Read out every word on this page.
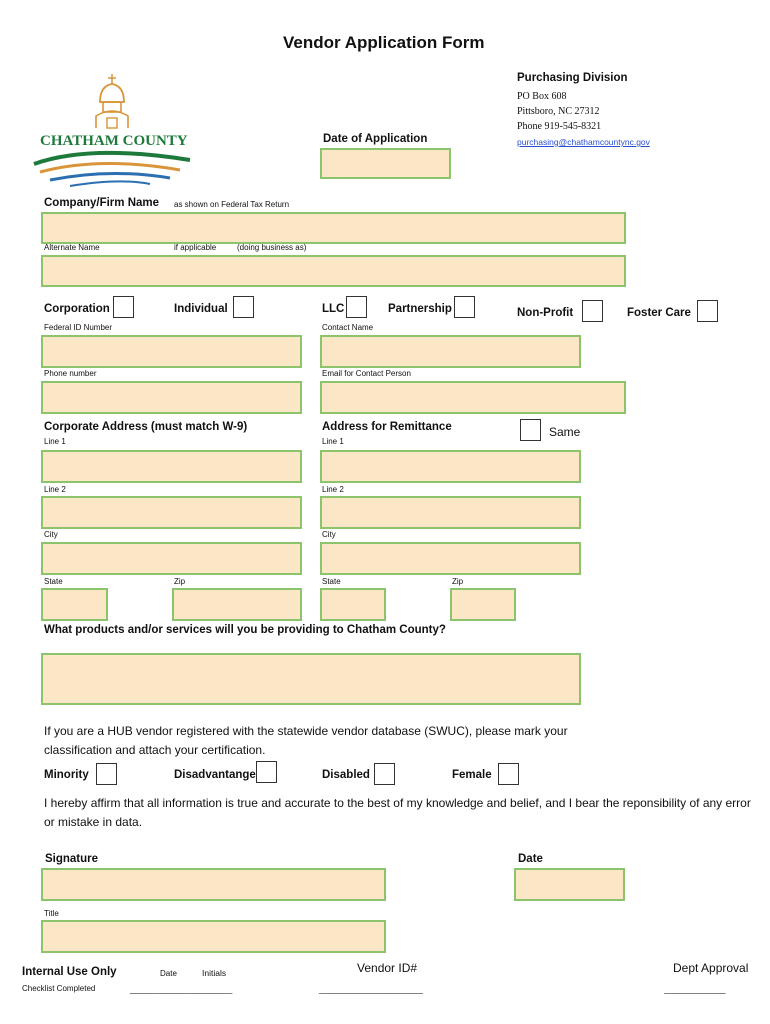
Vendor Application Form
CHATHAM COUNTY
Purchasing Division
PO Box 608
Pittsboro, NC 27312
Phone 919-545-8321
purchasing@chathamcountync.gov
Date of Application
Company/Firm Name as shown on Federal Tax Return
Alternate Name	if applicable	(doing business as)
Corporation	Individual	LLC	Partnership	Non-Profit	Foster Care
Federal ID Number	Contact Name
Phone number	Email for Contact Person
Corporate Address (must match W-9)	Address for Remittance	Same
Line 1	Line 1
Line 2	Line 2
City	City
State	Zip	State	Zip
What products and/or services will you be providing to Chatham County?
If you are a HUB vendor registered with the statewide vendor database (SWUC), please mark your classification and attach your certification.
Minority	Disadvantange	Disabled	Female
I hereby affirm that all information is true and accurate to the best of my knowledge and belief, and I bear the reponsibility of any error or mistake in data.
Signature	Date
Title
Internal Use Only	Date	Initials
Checklist Completed	_______________________
Vendor ID#
______________________
Dept Approval
_____________
